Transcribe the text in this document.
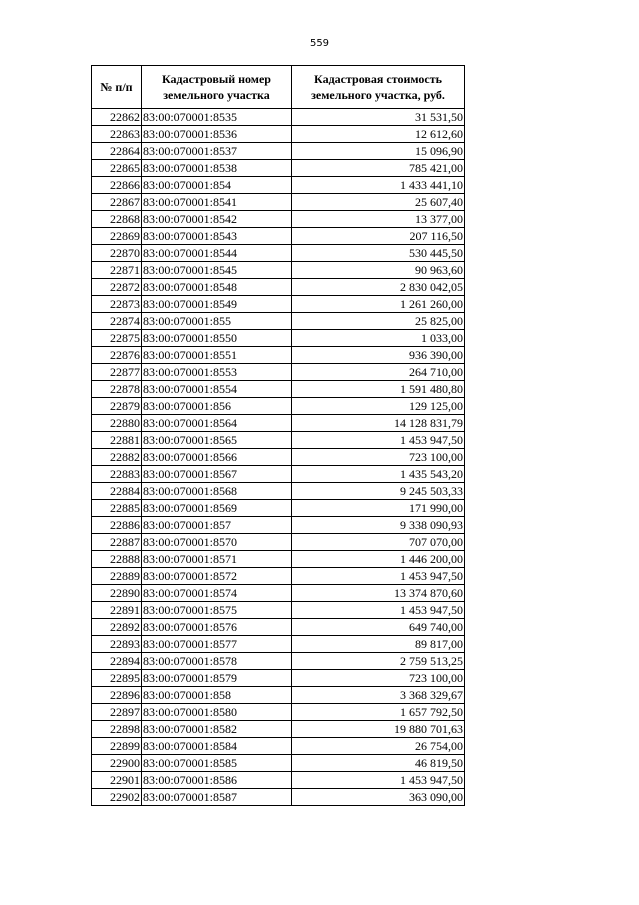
559
№ п/п	Кадастровый номер земельного участка	Кадастровая стоимость земельного участка, руб.
22862	83:00:070001:8535	31 531,50
22863	83:00:070001:8536	12 612,60
22864	83:00:070001:8537	15 096,90
22865	83:00:070001:8538	785 421,00
22866	83:00:070001:854	1 433 441,10
22867	83:00:070001:8541	25 607,40
22868	83:00:070001:8542	13 377,00
22869	83:00:070001:8543	207 116,50
22870	83:00:070001:8544	530 445,50
22871	83:00:070001:8545	90 963,60
22872	83:00:070001:8548	2 830 042,05
22873	83:00:070001:8549	1 261 260,00
22874	83:00:070001:855	25 825,00
22875	83:00:070001:8550	1 033,00
22876	83:00:070001:8551	936 390,00
22877	83:00:070001:8553	264 710,00
22878	83:00:070001:8554	1 591 480,80
22879	83:00:070001:856	129 125,00
22880	83:00:070001:8564	14 128 831,79
22881	83:00:070001:8565	1 453 947,50
22882	83:00:070001:8566	723 100,00
22883	83:00:070001:8567	1 435 543,20
22884	83:00:070001:8568	9 245 503,33
22885	83:00:070001:8569	171 990,00
22886	83:00:070001:857	9 338 090,93
22887	83:00:070001:8570	707 070,00
22888	83:00:070001:8571	1 446 200,00
22889	83:00:070001:8572	1 453 947,50
22890	83:00:070001:8574	13 374 870,60
22891	83:00:070001:8575	1 453 947,50
22892	83:00:070001:8576	649 740,00
22893	83:00:070001:8577	89 817,00
22894	83:00:070001:8578	2 759 513,25
22895	83:00:070001:8579	723 100,00
22896	83:00:070001:858	3 368 329,67
22897	83:00:070001:8580	1 657 792,50
22898	83:00:070001:8582	19 880 701,63
22899	83:00:070001:8584	26 754,00
22900	83:00:070001:8585	46 819,50
22901	83:00:070001:8586	1 453 947,50
22902	83:00:070001:8587	363 090,00
